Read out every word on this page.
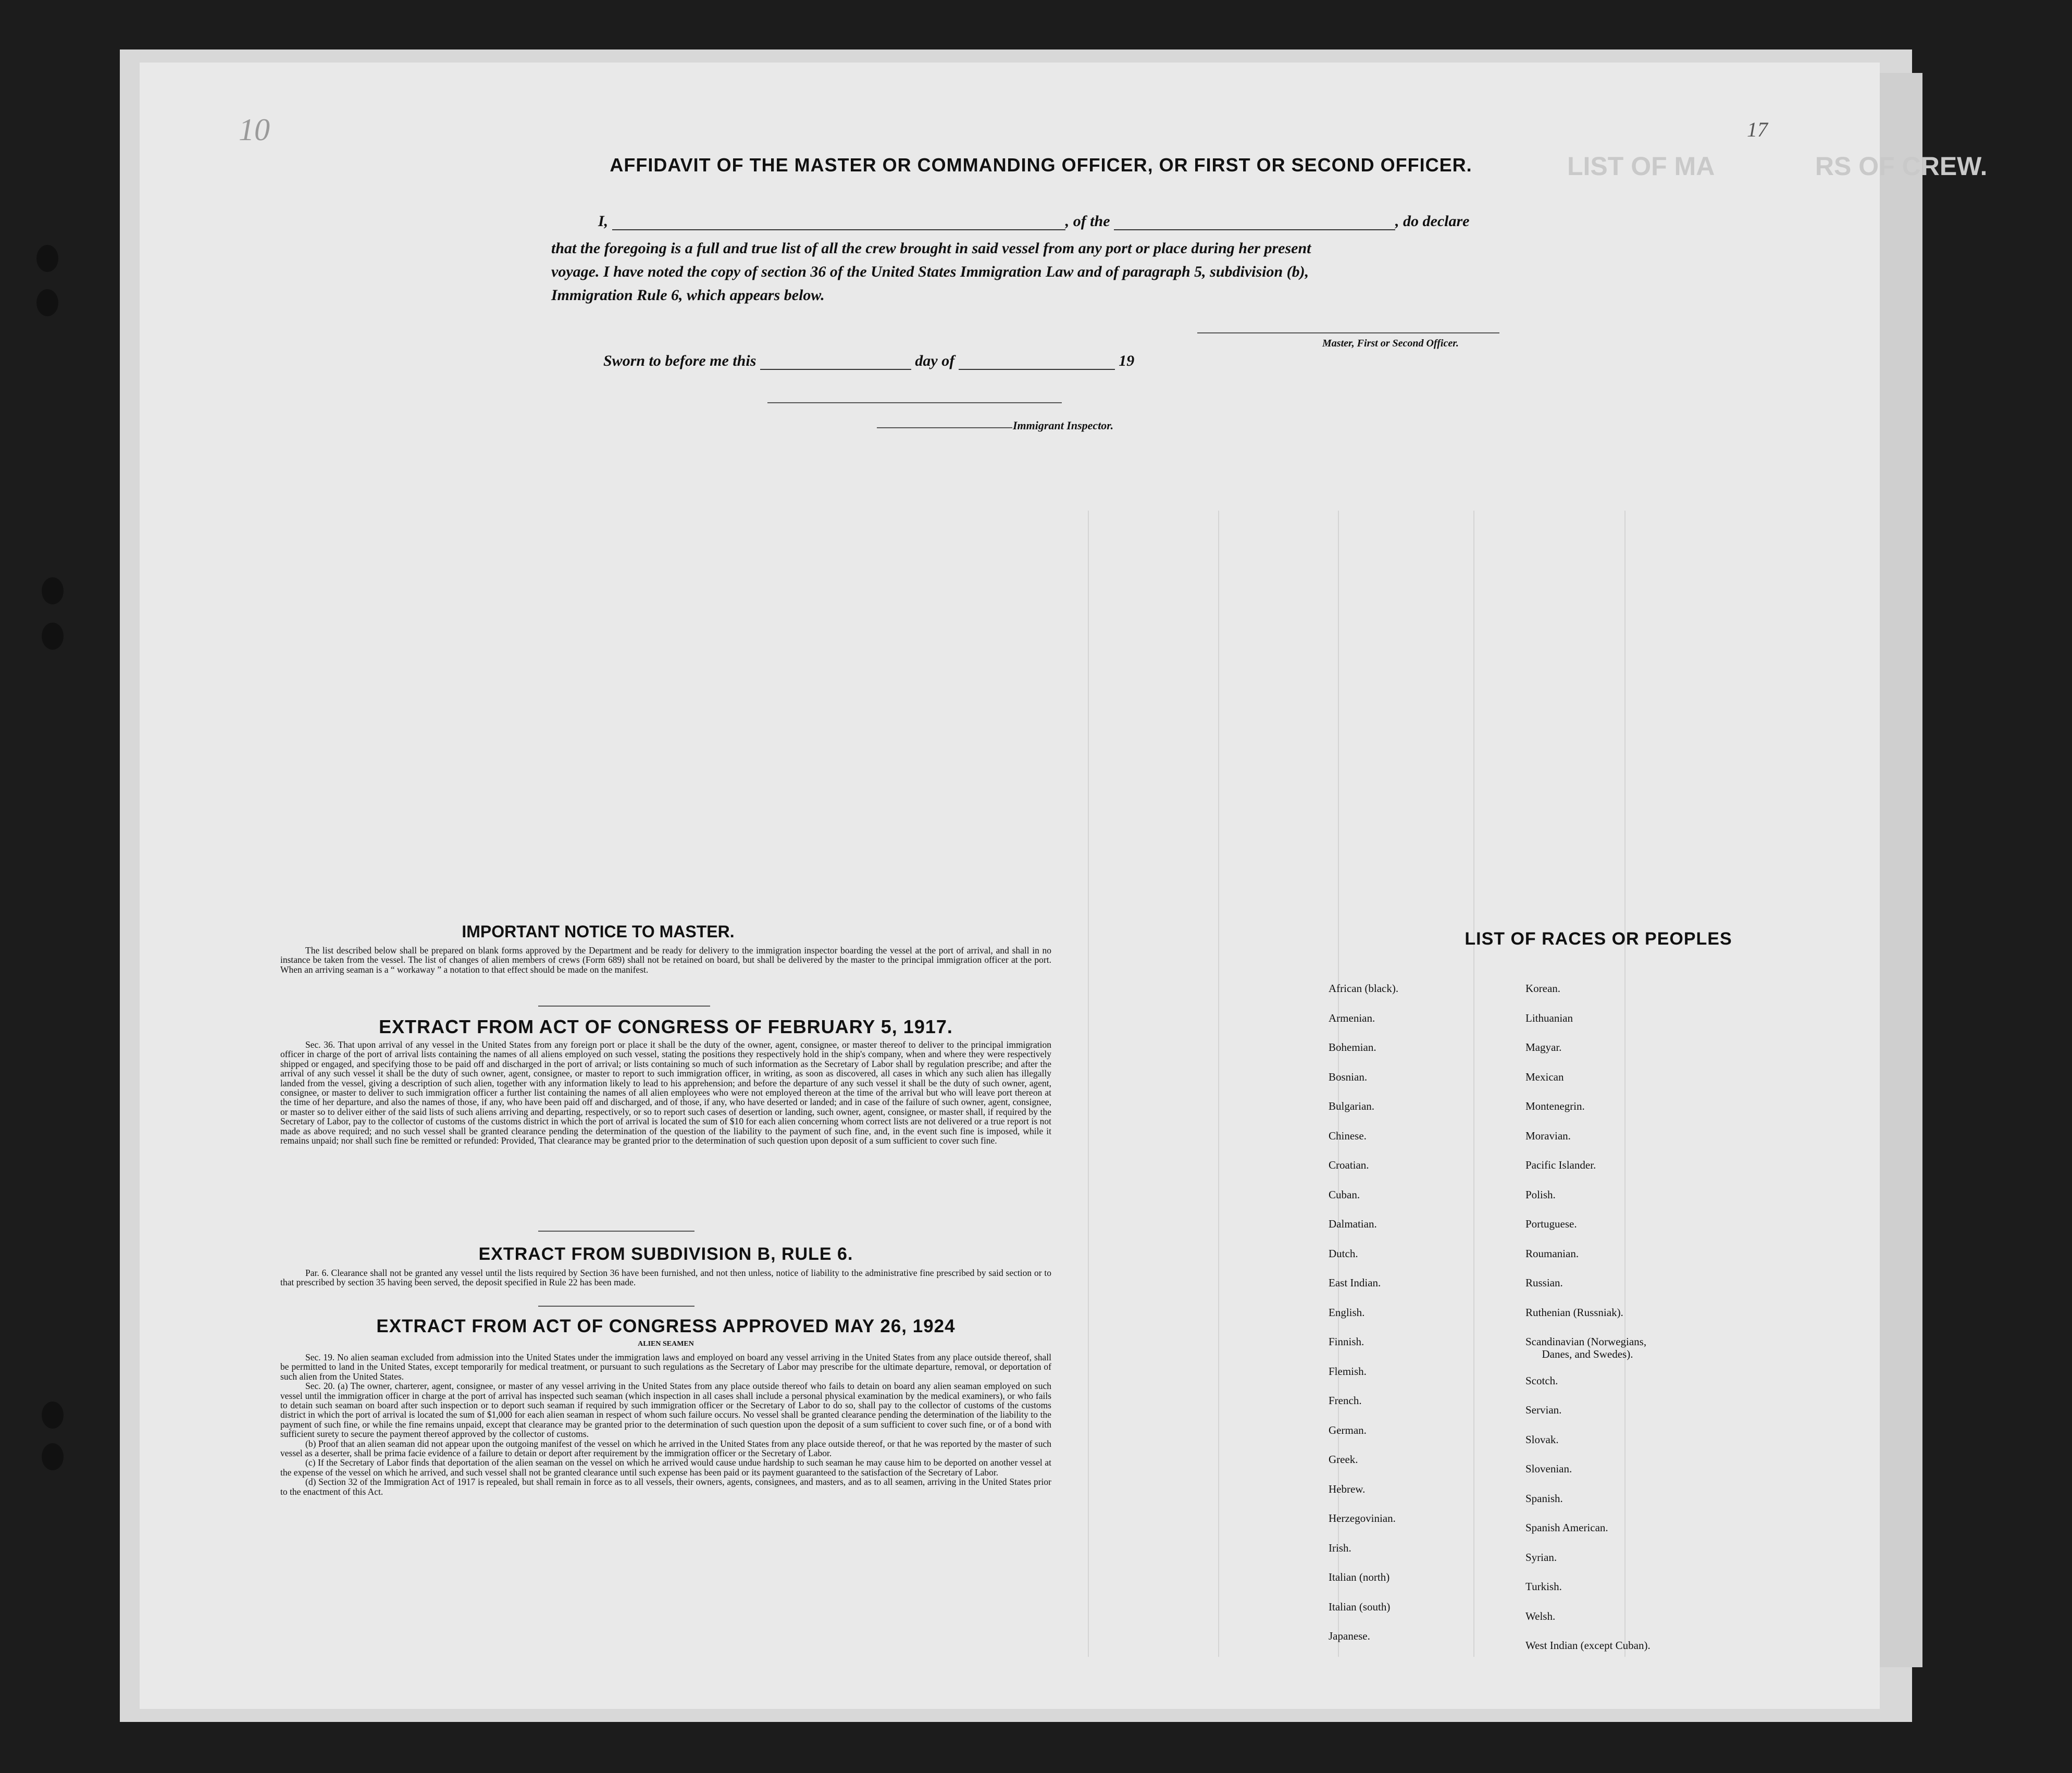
LIST OF MA              RS OF CREW.
17
10
AFFIDAVIT OF THE MASTER OR COMMANDING OFFICER, OR FIRST OR SECOND OFFICER.
I,	, of the	, do declare
that the foregoing is a full and true list of all the crew brought in said vessel from any port or place during her present
voyage. I have noted the copy of section 36 of the United States Immigration Law and of paragraph 5, subdivision (b),
Immigration Rule 6, which appears below.
Master, First or Second Officer.
Sworn to before me this	day of	19
Immigrant Inspector.
IMPORTANT NOTICE TO MASTER.

The list described below shall be prepared on blank forms approved by the Department and be ready for delivery to the immigration inspector boarding the vessel at the port of arrival, and shall in no instance be taken from the vessel. The list of changes of alien members of crews (Form 689) shall not be retained on board, but shall be delivered by the master to the principal immigration officer at the port. When an arriving seaman is a “ workaway ” a notation to that effect should be made on the manifest.

EXTRACT FROM ACT OF CONGRESS OF FEBRUARY 5, 1917.

Sec. 36. That upon arrival of any vessel in the United States from any foreign port or place it shall be the duty of the owner, agent, consignee, or master thereof to deliver to the principal immigration officer in charge of the port of arrival lists containing the names of all aliens employed on such vessel, stating the positions they respectively hold in the ship's company, when and where they were respectively shipped or engaged, and specifying those to be paid off and discharged in the port of arrival; or lists containing so much of such information as the Secretary of Labor shall by regulation prescribe; and after the arrival of any such vessel it shall be the duty of such owner, agent, consignee, or master to report to such immigration officer, in writing, as soon as discovered, all cases in which any such alien has illegally landed from the vessel, giving a description of such alien, together with any information likely to lead to his apprehension; and before the departure of any such vessel it shall be the duty of such owner, agent, consignee, or master to deliver to such immigration officer a further list containing the names of all alien employees who were not employed thereon at the time of the arrival but who will leave port thereon at the time of her departure, and also the names of those, if any, who have been paid off and discharged, and of those, if any, who have deserted or landed; and in case of the failure of such owner, agent, consignee, or master so to deliver either of the said lists of such aliens arriving and departing, respectively, or so to report such cases of desertion or landing, such owner, agent, consignee, or master shall, if required by the Secretary of Labor, pay to the collector of customs of the customs district in which the port of arrival is located the sum of $10 for each alien concerning whom correct lists are not delivered or a true report is not made as above required; and no such vessel shall be granted clearance pending the determination of the question of the liability to the payment of such fine, and, in the event such fine is imposed, while it remains unpaid; nor shall such fine be remitted or refunded: Provided, That clearance may be granted prior to the determination of such question upon deposit of a sum sufficient to cover such fine.

EXTRACT FROM SUBDIVISION B, RULE 6.

Par. 6. Clearance shall not be granted any vessel until the lists required by Section 36 have been furnished, and not then unless, notice of liability to the administrative fine prescribed by said section or to that prescribed by section 35 having been served, the deposit specified in Rule 22 has been made.

EXTRACT FROM ACT OF CONGRESS APPROVED MAY 26, 1924
ALIEN SEAMEN

Sec. 19. No alien seaman excluded from admission into the United States under the immigration laws and employed on board any vessel arriving in the United States from any place outside thereof, shall be permitted to land in the United States, except temporarily for medical treatment, or pursuant to such regulations as the Secretary of Labor may prescribe for the ultimate departure, removal, or deportation of such alien from the United States.

Sec. 20. (a) The owner, charterer, agent, consignee, or master of any vessel arriving in the United States from any place outside thereof who fails to detain on board any alien seaman employed on such vessel until the immigration officer in charge at the port of arrival has inspected such seaman (which inspection in all cases shall include a personal physical examination by the medical examiners), or who fails to detain such seaman on board after such inspection or to deport such seaman if required by such immigration officer or the Secretary of Labor to do so, shall pay to the collector of customs of the customs district in which the port of arrival is located the sum of $1,000 for each alien seaman in respect of whom such failure occurs. No vessel shall be granted clearance pending the determination of the liability to the payment of such fine, or while the fine remains unpaid, except that clearance may be granted prior to the determination of such question upon the deposit of a sum sufficient to cover such fine, or of a bond with sufficient surety to secure the payment thereof approved by the collector of customs.

(b) Proof that an alien seaman did not appear upon the outgoing manifest of the vessel on which he arrived in the United States from any place outside thereof, or that he was reported by the master of such vessel as a deserter, shall be prima facie evidence of a failure to detain or deport after requirement by the immigration officer or the Secretary of Labor.

(c) If the Secretary of Labor finds that deportation of the alien seaman on the vessel on which he arrived would cause undue hardship to such seaman he may cause him to be deported on another vessel at the expense of the vessel on which he arrived, and such vessel shall not be granted clearance until such expense has been paid or its payment guaranteed to the satisfaction of the Secretary of Labor.

(d) Section 32 of the Immigration Act of 1917 is repealed, but shall remain in force as to all vessels, their owners, agents, consignees, and masters, and as to all seamen, arriving in the United States prior to the enactment of this Act.

LIST OF RACES OR PEOPLES
African (black).
Armenian.
Bohemian.
Bosnian.
Bulgarian.
Chinese.
Croatian.
Cuban.
Dalmatian.
Dutch.
East Indian.
English.
Finnish.
Flemish.
French.
German.
Greek.
Hebrew.
Herzegovinian.
Irish.
Italian (north)
Italian (south)
Japanese.
Korean.
Lithuanian
Magyar.
Mexican
Montenegrin.
Moravian.
Pacific Islander.
Polish.
Portuguese.
Roumanian.
Russian.
Ruthenian (Russniak).
Scandinavian (Norwegians,
Danes, and Swedes).
Scotch.
Servian.
Slovak.
Slovenian.
Spanish.
Spanish American.
Syrian.
Turkish.
Welsh.
West Indian (except Cuban).
